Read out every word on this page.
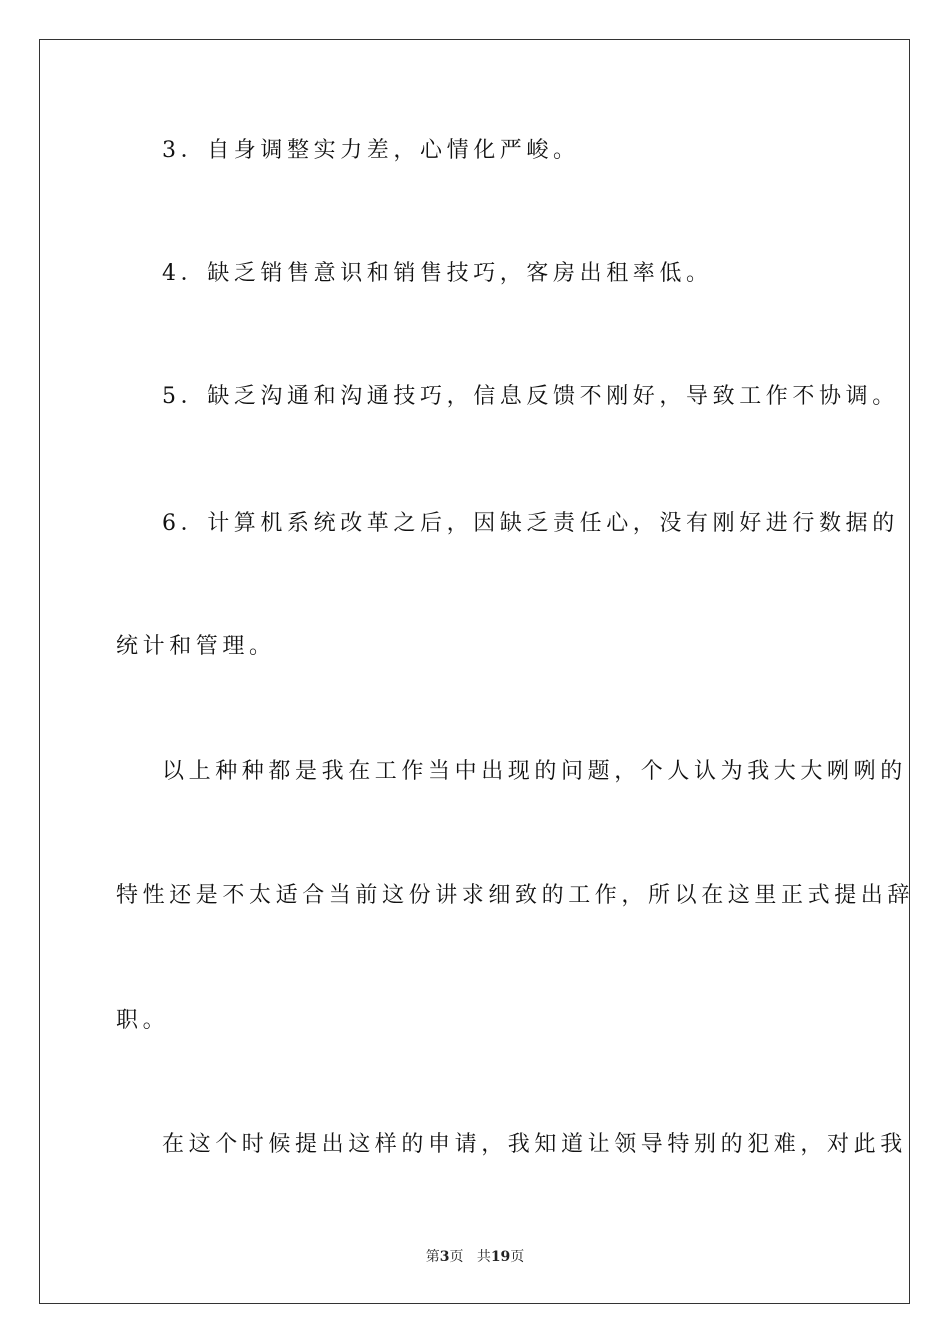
3．自身调整实力差，心情化严峻。
4．缺乏销售意识和销售技巧，客房出租率低。
5．缺乏沟通和沟通技巧，信息反馈不刚好，导致工作不协调。
6．计算机系统改革之后，因缺乏责任心，没有刚好进行数据的
统计和管理。
以上种种都是我在工作当中出现的问题，个人认为我大大咧咧的
特性还是不太适合当前这份讲求细致的工作，所以在这里正式提出辞
职。
在这个时候提出这样的申请，我知道让领导特别的犯难，对此我
第3页 共19页
